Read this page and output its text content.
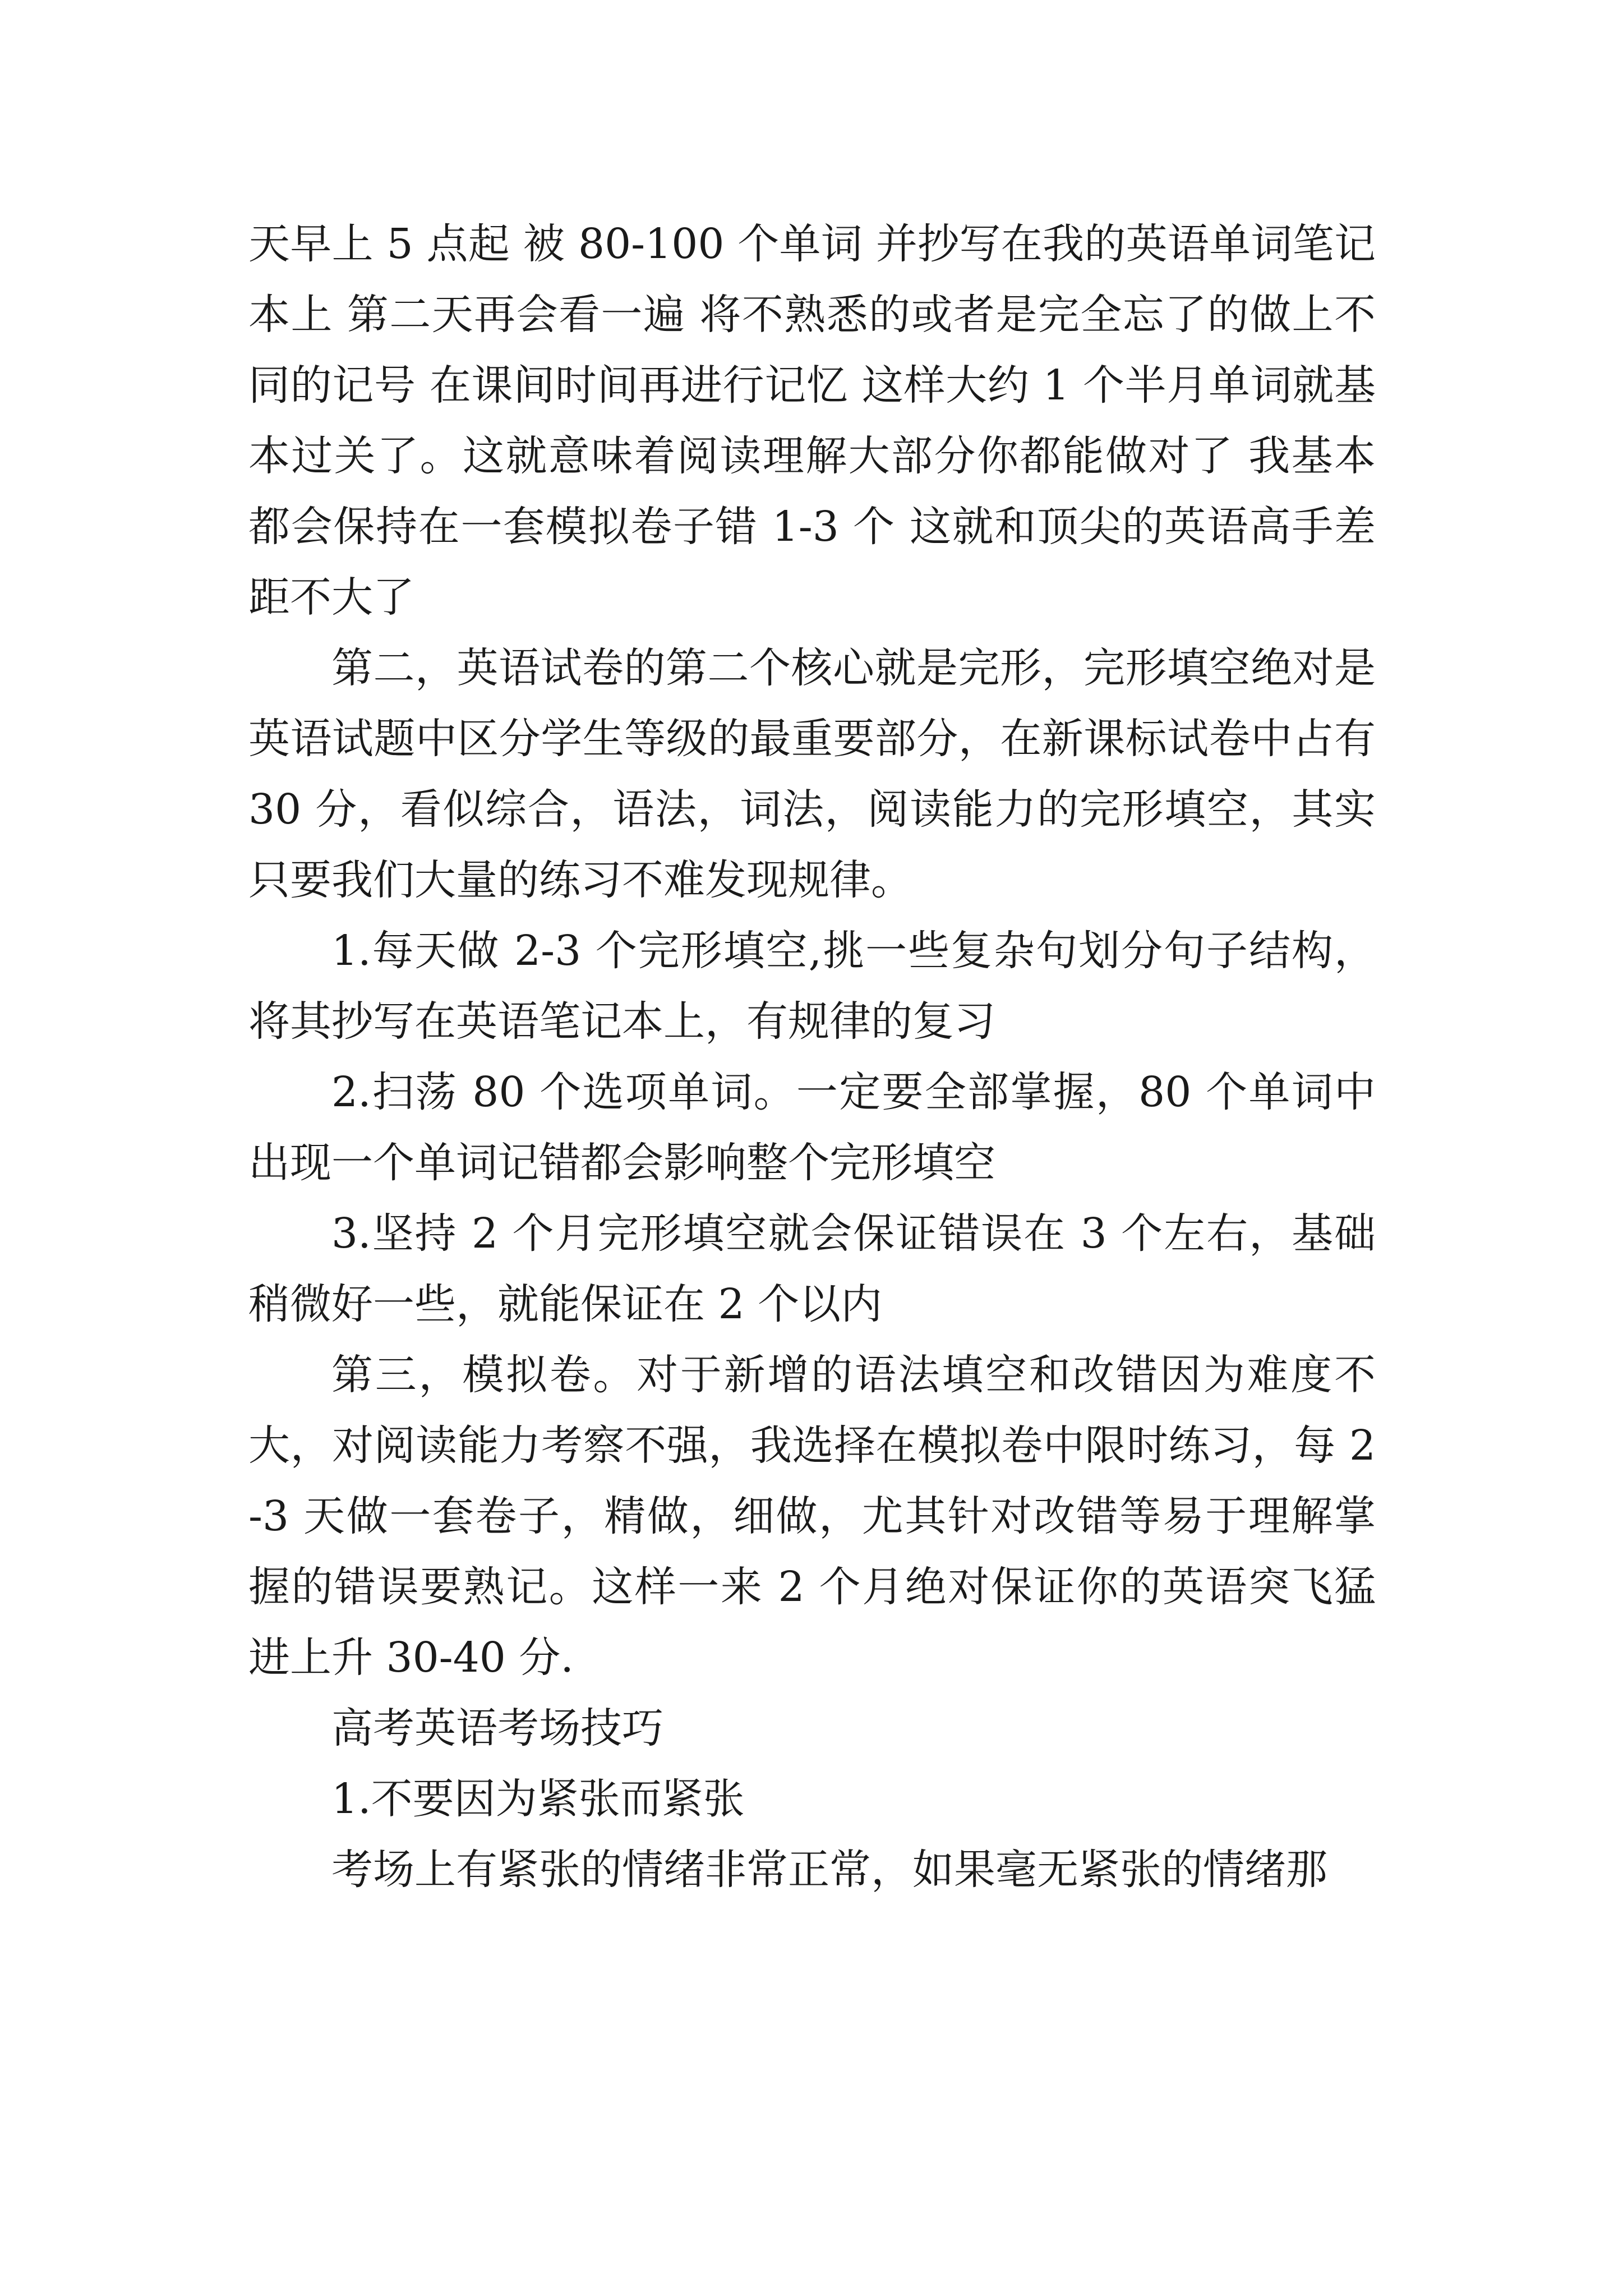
天早上 5 点起 被 80-100 个单词 并抄写在我的英语单词笔记本上 第二天再会看一遍 将不熟悉的或者是完全忘了的做上不同的记号 在课间时间再进行记忆 这样大约 1 个半月单词就基本过关了。这就意味着阅读理解大部分你都能做对了 我基本都会保持在一套模拟卷子错 1-3 个 这就和顶尖的英语高手差距不大了

第二，英语试卷的第二个核心就是完形，完形填空绝对是英语试题中区分学生等级的最重要部分，在新课标试卷中占有 30 分，看似综合，语法，词法，阅读能力的完形填空，其实只要我们大量的练习不难发现规律。

1.每天做 2-3 个完形填空,挑一些复杂句划分句子结构，将其抄写在英语笔记本上，有规律的复习

2.扫荡 80 个选项单词。一定要全部掌握，80 个单词中出现一个单词记错都会影响整个完形填空

3.坚持 2 个月完形填空就会保证错误在 3 个左右，基础稍微好一些，就能保证在 2 个以内

第三，模拟卷。对于新增的语法填空和改错因为难度不大，对阅读能力考察不强，我选择在模拟卷中限时练习，每 2-3 天做一套卷子，精做，细做，尤其针对改错等易于理解掌握的错误要熟记。这样一来 2 个月绝对保证你的英语突飞猛进上升 30-40 分.

高考英语考场技巧

1.不要因为紧张而紧张

考场上有紧张的情绪非常正常，如果毫无紧张的情绪那
